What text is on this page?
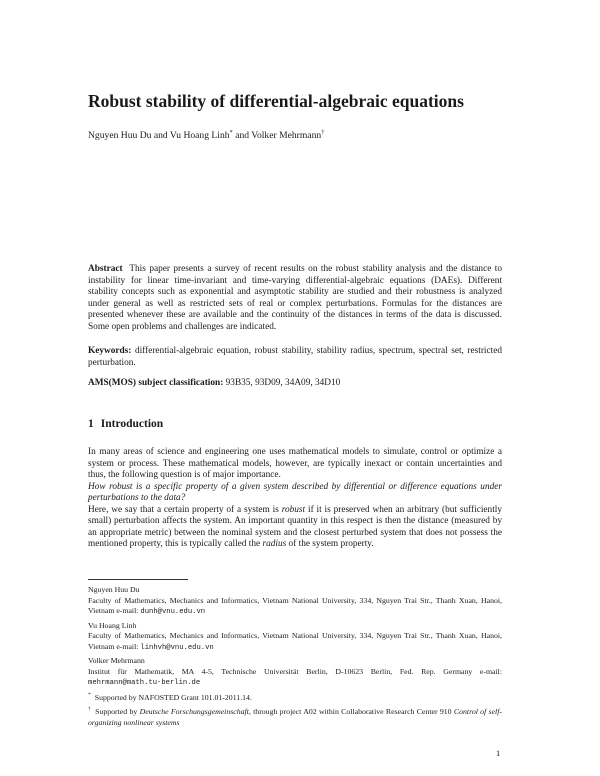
Robust stability of differential-algebraic equations
Nguyen Huu Du and Vu Hoang Linh* and Volker Mehrmann†
Abstract This paper presents a survey of recent results on the robust stability analysis and the distance to instability for linear time-invariant and time-varying differential-algebraic equations (DAEs). Different stability concepts such as exponential and asymptotic stability are studied and their robustness is analyzed under general as well as restricted sets of real or complex perturbations. Formulas for the distances are presented whenever these are available and the continuity of the distances in terms of the data is discussed. Some open problems and challenges are indicated.
Keywords: differential-algebraic equation, robust stability, stability radius, spectrum, spectral set, restricted perturbation.
AMS(MOS) subject classification: 93B35, 93D09, 34A09, 34D10
1 Introduction

In many areas of science and engineering one uses mathematical models to simulate, control or optimize a system or process. These mathematical models, however, are typically inexact or contain uncertainties and thus, the following question is of major importance.

How robust is a specific property of a given system described by differential or difference equations under perturbations to the data?

Here, we say that a certain property of a system is robust if it is preserved when an arbitrary (but sufficiently small) perturbation affects the system. An important quantity in this respect is then the distance (measured by an appropriate metric) between the nominal system and the closest perturbed system that does not possess the mentioned property, this is typically called the radius of the system property.

Nguyen Huu Du
Faculty of Mathematics, Mechanics and Informatics, Vietnam National University, 334, Nguyen Trai Str., Thanh Xuan, Hanoi, Vietnam e-mail: dunh@vnu.edu.vn
Vu Hoang Linh
Faculty of Mathematics, Mechanics and Informatics, Vietnam National University, 334, Nguyen Trai Str., Thanh Xuan, Hanoi, Vietnam e-mail: linhvh@vnu.edu.vn
Volker Mehrmann
Institut für Mathematik, MA 4-5, Technische Universität Berlin, D-10623 Berlin, Fed. Rep. Germany e-mail: mehrmann@math.tu-berlin.de
* Supported by NAFOSTED Grant 101.01-2011.14.
† Supported by Deutsche Forschungsgemeinschaft, through project A02 within Collaborative Research Center 910 Control of self-organizing nonlinear systems
1
